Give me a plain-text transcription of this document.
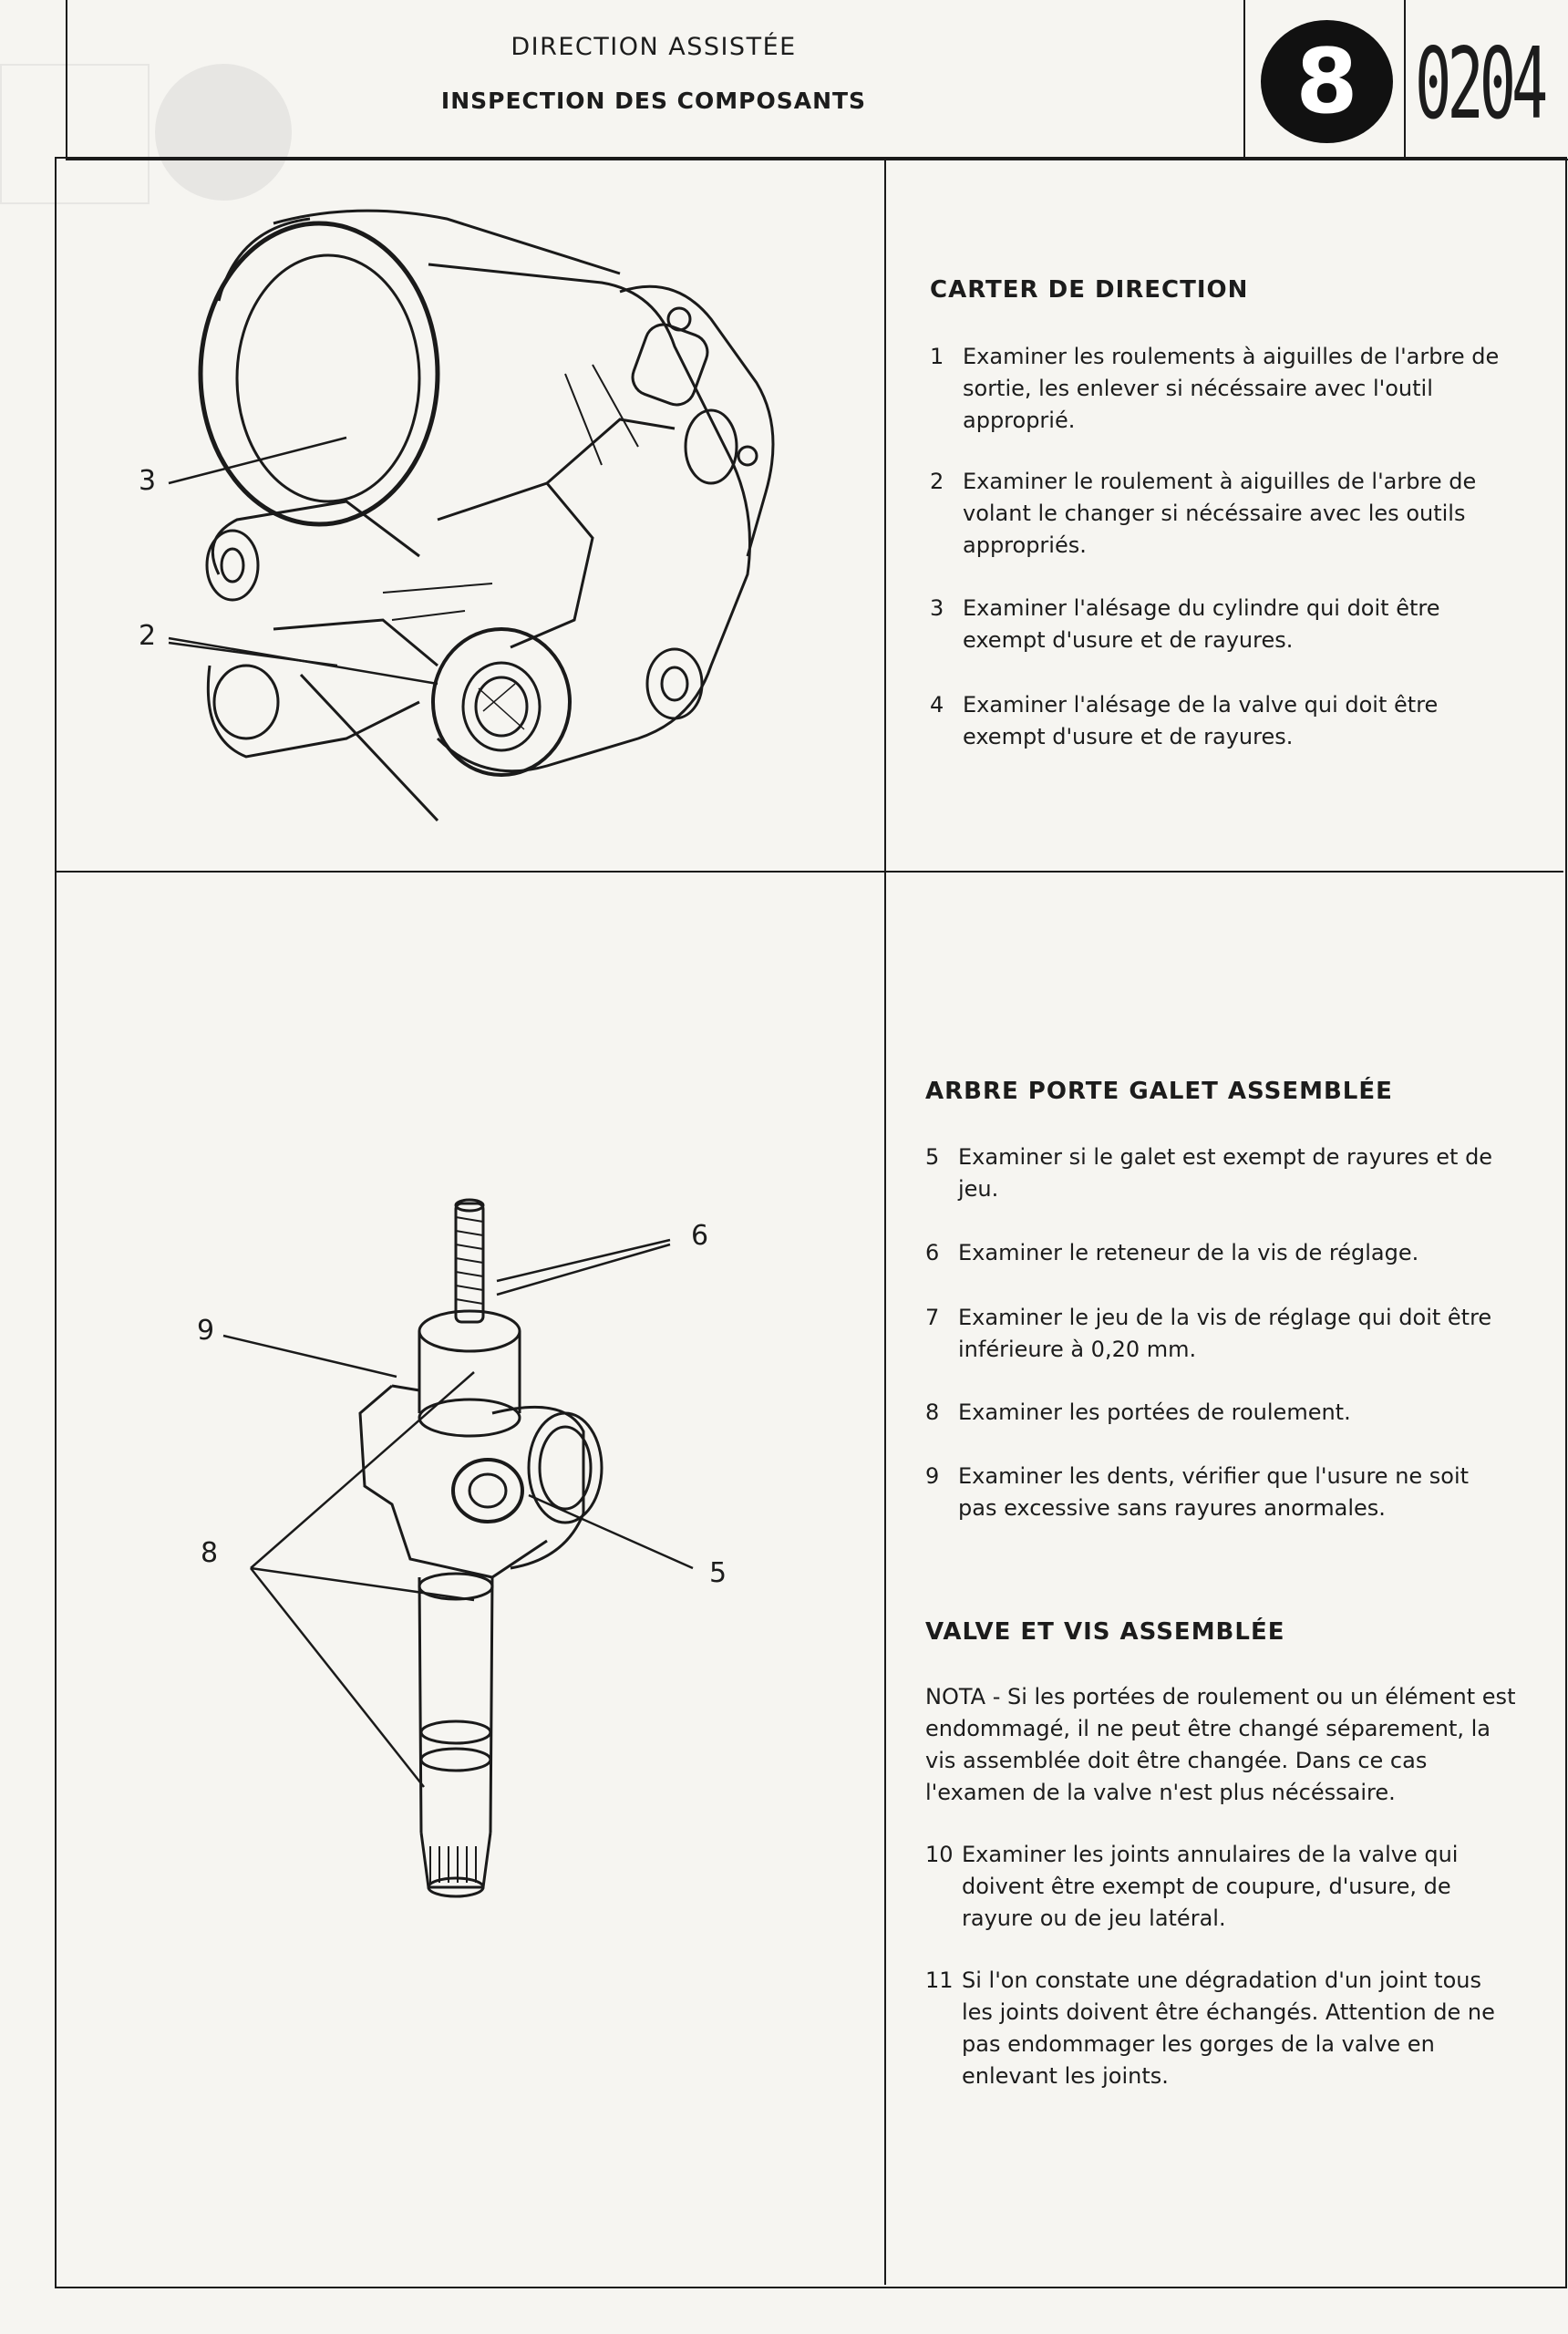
DIRECTION ASSISTÉE
INSPECTION DES COMPOSANTS	8 0204
3
2
6
9
8
5
CARTER DE DIRECTION
1 Examiner les roulements à aiguilles de l'arbre de sortie, les enlever si nécéssaire avec l'outil approprié.
2 Examiner le roulement à aiguilles de l'arbre de volant le changer si nécéssaire avec les outils appropriés.
3 Examiner l'alésage du cylindre qui doit être exempt d'usure et de rayures.
4 Examiner l'alésage de la valve qui doit être exempt d'usure et de rayures.
ARBRE PORTE GALET ASSEMBLÉE
5 Examiner si le galet est exempt de rayures et de jeu.
6 Examiner le reteneur de la vis de réglage.
7 Examiner le jeu de la vis de réglage qui doit être inférieure à 0,20 mm.
8 Examiner les portées de roulement.
9 Examiner les dents, vérifier que l'usure ne soit pas excessive sans rayures anormales.
VALVE ET VIS ASSEMBLÉE
NOTA - Si les portées de roulement ou un élément est endommagé, il ne peut être changé séparement, la vis assemblée doit être changée. Dans ce cas l'examen de la valve n'est plus nécéssaire.
10 Examiner les joints annulaires de la valve qui doivent être exempt de coupure, d'usure, de rayure ou de jeu latéral.
11 Si l'on constate une dégradation d'un joint tous les joints doivent être échangés. Attention de ne pas endommager les gorges de la valve en enlevant les joints.
